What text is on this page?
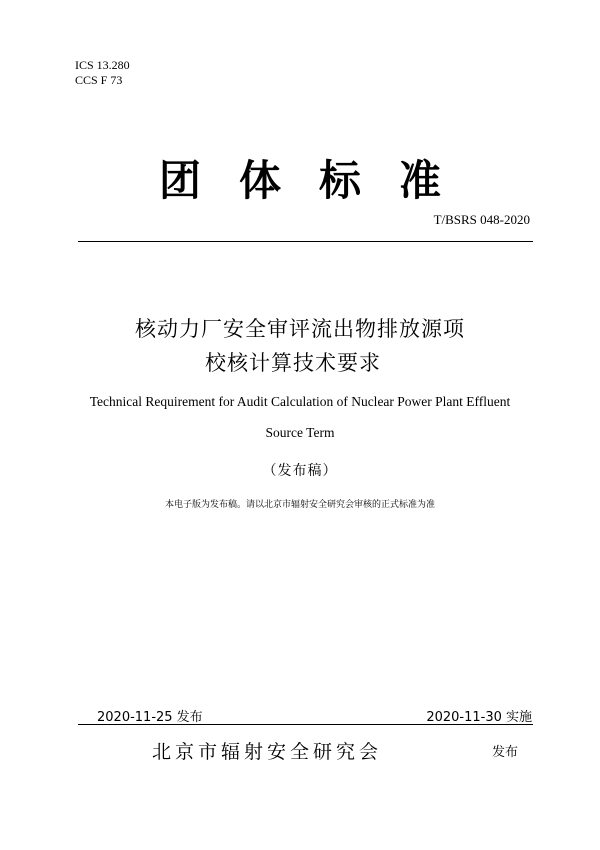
ICS 13.280
CCS F 73
团体标准
T/BSRS 048-2020
核动力厂安全审评流出物排放源项
校核计算技术要求
Technical Requirement for Audit Calculation of Nuclear Power Plant Effluent
Source Term
（发布稿）
本电子版为发布稿。请以北京市辐射安全研究会审核的正式标准为准
2020-11-25 发布	2020-11-30 实施
北京市辐射安全研究会	发布
